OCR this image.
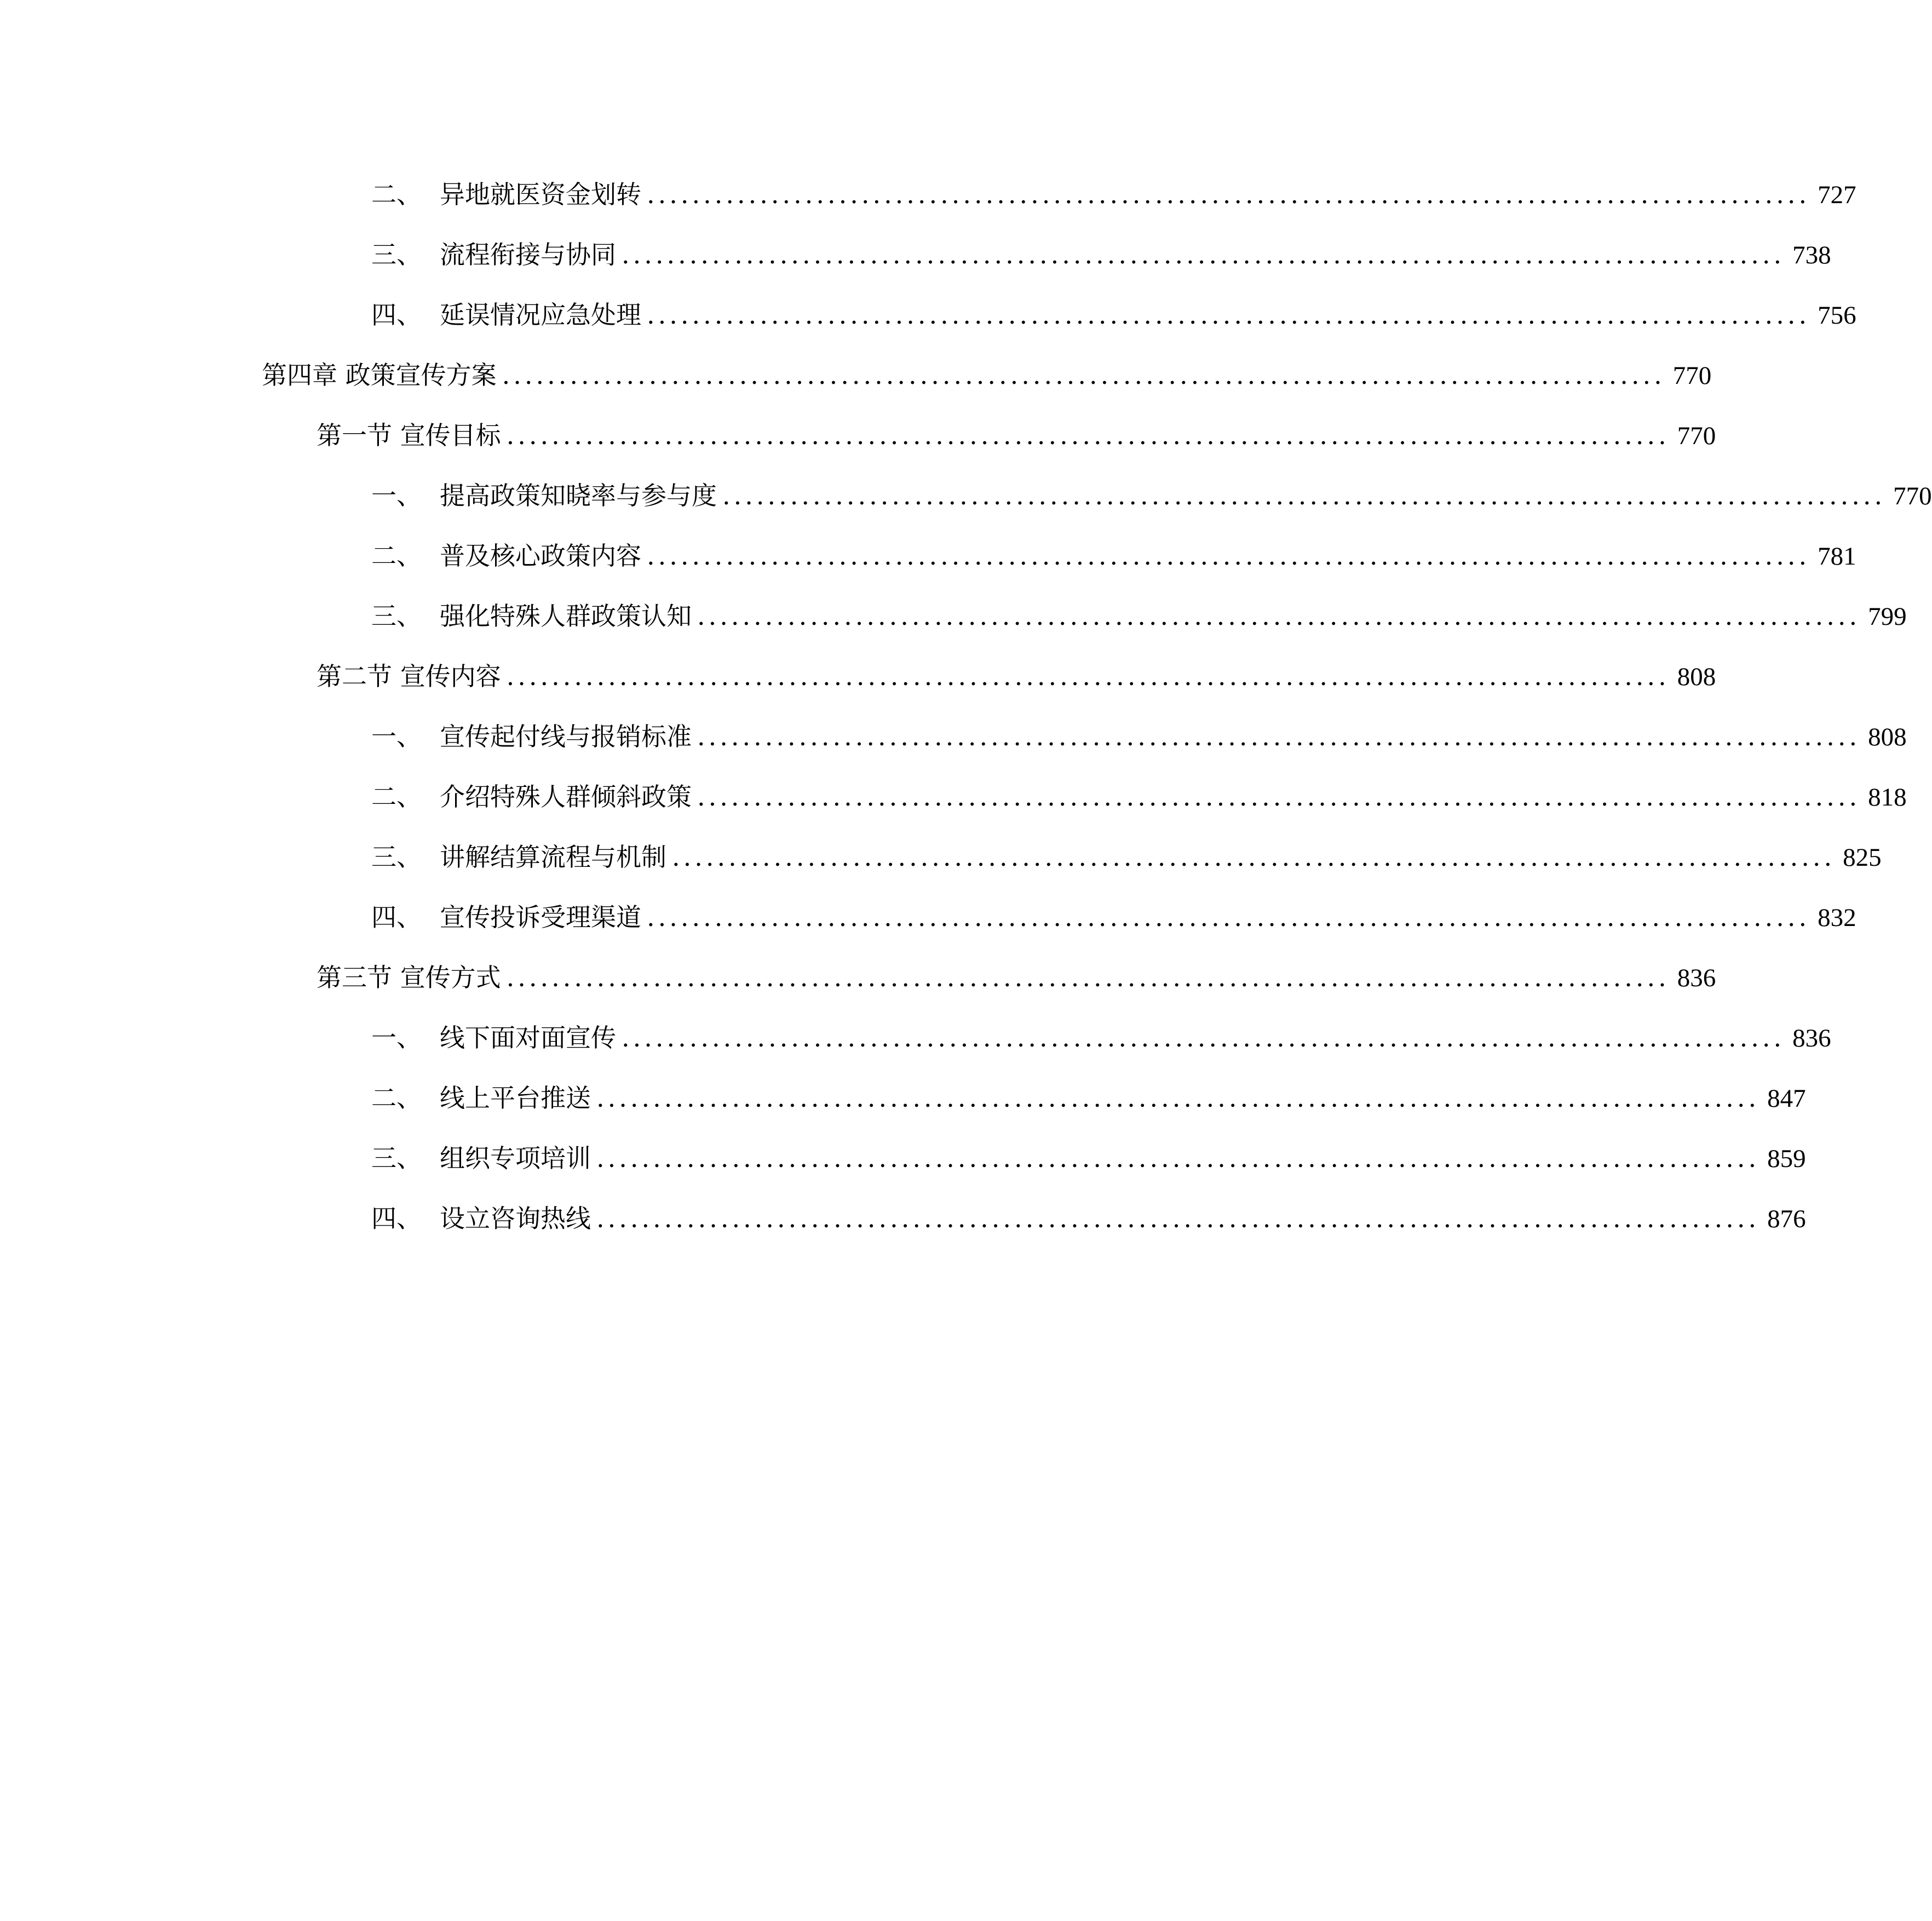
二、 异地就医资金划转 ....................................................................................................... 727
三、 流程衔接与协同 ....................................................................................................... 738
四、 延误情况应急处理 ....................................................................................................... 756
第四章 政策宣传方案 ....................................................................................................... 770
第一节 宣传目标 ....................................................................................................... 770
一、 提高政策知晓率与参与度 ....................................................................................................... 770
二、 普及核心政策内容 ....................................................................................................... 781
三、 强化特殊人群政策认知 ....................................................................................................... 799
第二节 宣传内容 ....................................................................................................... 808
一、 宣传起付线与报销标准 ....................................................................................................... 808
二、 介绍特殊人群倾斜政策 ....................................................................................................... 818
三、 讲解结算流程与机制 ....................................................................................................... 825
四、 宣传投诉受理渠道 ....................................................................................................... 832
第三节 宣传方式 ....................................................................................................... 836
一、 线下面对面宣传 ....................................................................................................... 836
二、 线上平台推送 ....................................................................................................... 847
三、 组织专项培训 ....................................................................................................... 859
四、 设立咨询热线 ....................................................................................................... 876
